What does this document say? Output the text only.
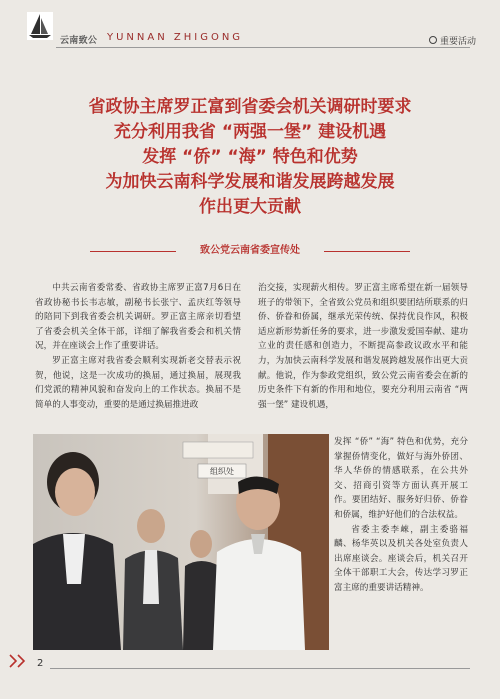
云南致公 YUNNAN ZHIGONG	重要活动
省政协主席罗正富到省委会机关调研时要求
充分利用我省 “两强一堡” 建设机遇
发挥 “侨” “海” 特色和优势
为加快云南科学发展和谐发展跨越发展
作出更大贡献
致公党云南省委宣传处

中共云南省委常委、省政协主席罗正富7月6日在省政协秘书长韦志敏，副秘书长张宁、孟庆红等领导的陪同下到我省委会机关调研。罗正富主席亲切看望了省委会机关全体干部，详细了解我省委会和机关情况，并在座谈会上作了重要讲话。

罗正富主席对我省委会顺利实现新老交替表示祝贺，他说，这是一次成功的换届，通过换届，展现我们党派的精神风貌和奋发向上的工作状态。换届不是简单的人事变动，重要的是通过换届推进政

治交接，实现薪火相传。罗正富主席希望在新一届领导班子的带领下，全省致公党员和组织要团结所联系的归侨、侨眷和侨属，继承光荣传统、保持优良作风，积极适应新形势新任务的要求，进一步激发爱国奉献、建功立业的责任感和创造力，不断提高参政议政水平和能力，为加快云南科学发展和谐发展跨越发展作出更大贡献。他说，作为参政党组织，致公党云南省委会在新的历史条件下有新的作用和地位，要充分利用云南省 “两强一堡” 建设机遇，

组织处

发挥 “侨” “海” 特色和优势，充分掌握侨情变化，做好与海外侨团、华人华侨的情感联系，在公共外交、招商引资等方面认真开展工作。要团结好、服务好归侨、侨眷和侨属，维护好他们的合法权益。

省委主委李崍，副主委骆福麟、杨华英以及机关各处室负责人出席座谈会。座谈会后，机关召开全体干部职工大会，传达学习罗正富主席的重要讲话精神。

2
